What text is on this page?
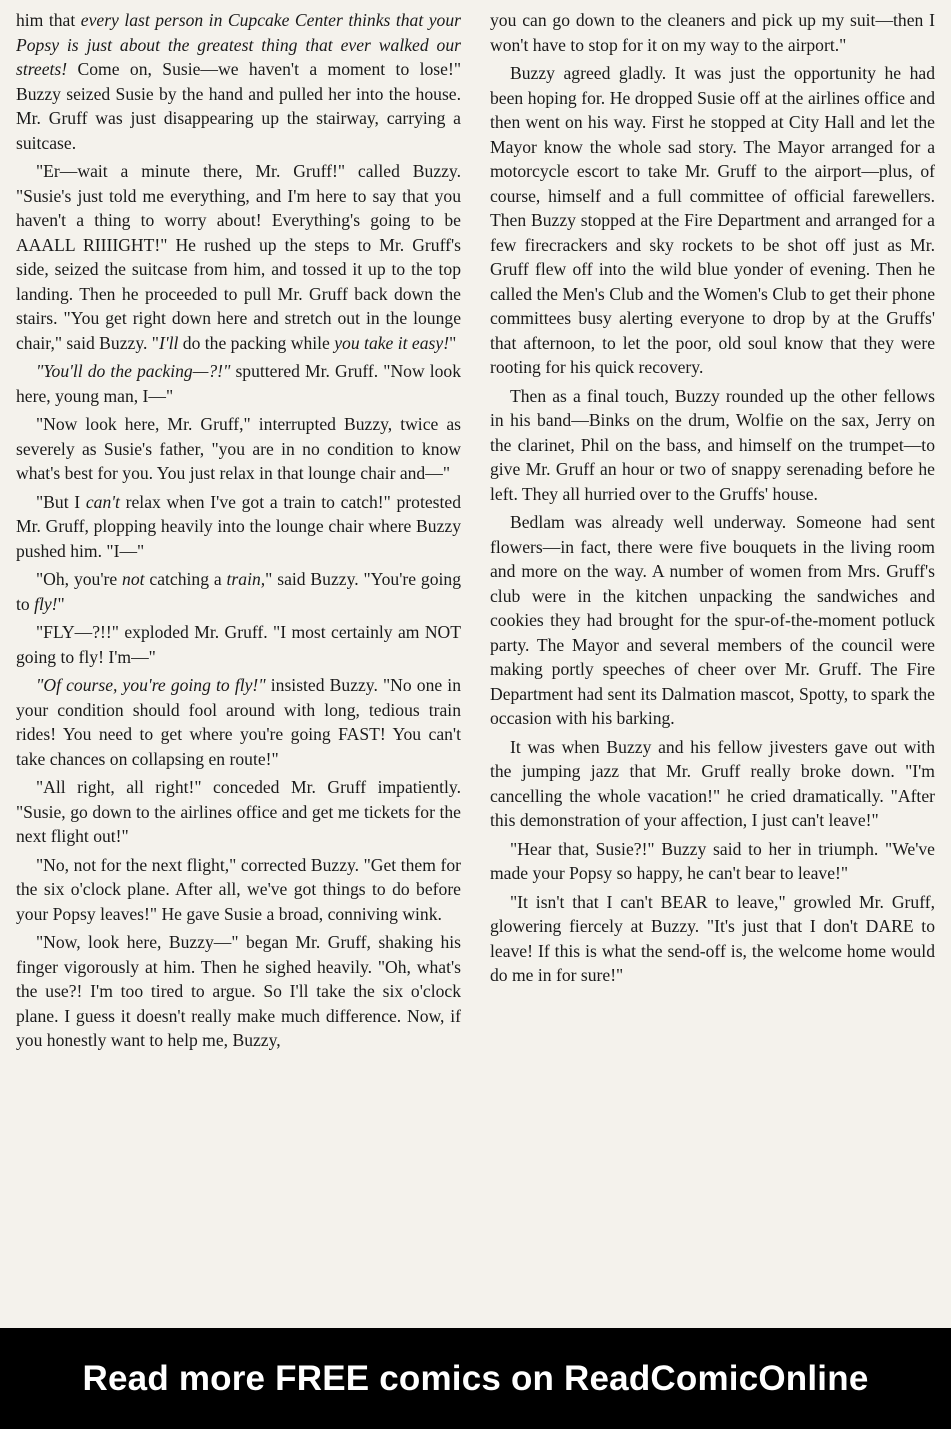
him that every last person in Cupcake Center thinks that your Popsy is just about the greatest thing that ever walked our streets! Come on, Susie—we haven't a moment to lose!" Buzzy seized Susie by the hand and pulled her into the house. Mr. Gruff was just disappearing up the stairway, carrying a suitcase.

"Er—wait a minute there, Mr. Gruff!" called Buzzy. "Susie's just told me everything, and I'm here to say that you haven't a thing to worry about! Everything's going to be AAALL RIIIIGHT!" He rushed up the steps to Mr. Gruff's side, seized the suitcase from him, and tossed it up to the top landing. Then he proceeded to pull Mr. Gruff back down the stairs. "You get right down here and stretch out in the lounge chair," said Buzzy. "I'll do the packing while you take it easy!"

"You'll do the packing—?!" sputtered Mr. Gruff. "Now look here, young man, I—"

"Now look here, Mr. Gruff," interrupted Buzzy, twice as severely as Susie's father, "you are in no condition to know what's best for you. You just relax in that lounge chair and—"

"But I can't relax when I've got a train to catch!" protested Mr. Gruff, plopping heavily into the lounge chair where Buzzy pushed him. "I—"

"Oh, you're not catching a train," said Buzzy. "You're going to fly!"

"FLY—?!!" exploded Mr. Gruff. "I most certainly am NOT going to fly! I'm—"

"Of course, you're going to fly!" insisted Buzzy. "No one in your condition should fool around with long, tedious train rides! You need to get where you're going FAST! You can't take chances on collapsing en route!"

"All right, all right!" conceded Mr. Gruff impatiently. "Susie, go down to the airlines office and get me tickets for the next flight out!"

"No, not for the next flight," corrected Buzzy. "Get them for the six o'clock plane. After all, we've got things to do before your Popsy leaves!" He gave Susie a broad, conniving wink.

"Now, look here, Buzzy—" began Mr. Gruff, shaking his finger vigorously at him. Then he sighed heavily. "Oh, what's the use?! I'm too tired to argue. So I'll take the six o'clock plane. I guess it doesn't really make much difference. Now, if you honestly want to help me, Buzzy,

you can go down to the cleaners and pick up my suit—then I won't have to stop for it on my way to the airport."

Buzzy agreed gladly. It was just the opportunity he had been hoping for. He dropped Susie off at the airlines office and then went on his way. First he stopped at City Hall and let the Mayor know the whole sad story. The Mayor arranged for a motorcycle escort to take Mr. Gruff to the airport—plus, of course, himself and a full committee of official farewellers. Then Buzzy stopped at the Fire Department and arranged for a few firecrackers and sky rockets to be shot off just as Mr. Gruff flew off into the wild blue yonder of evening. Then he called the Men's Club and the Women's Club to get their phone committees busy alerting everyone to drop by at the Gruffs' that afternoon, to let the poor, old soul know that they were rooting for his quick recovery.

Then as a final touch, Buzzy rounded up the other fellows in his band—Binks on the drum, Wolfie on the sax, Jerry on the clarinet, Phil on the bass, and himself on the trumpet—to give Mr. Gruff an hour or two of snappy serenading before he left. They all hurried over to the Gruffs' house.

Bedlam was already well underway. Someone had sent flowers—in fact, there were five bouquets in the living room and more on the way. A number of women from Mrs. Gruff's club were in the kitchen unpacking the sandwiches and cookies they had brought for the spur-of-the-moment potluck party. The Mayor and several members of the council were making portly speeches of cheer over Mr. Gruff. The Fire Department had sent its Dalmation mascot, Spotty, to spark the occasion with his barking.

It was when Buzzy and his fellow jivesters gave out with the jumping jazz that Mr. Gruff really broke down. "I'm cancelling the whole vacation!" he cried dramatically. "After this demonstration of your affection, I just can't leave!"

"Hear that, Susie?!" Buzzy said to her in triumph. "We've made your Popsy so happy, he can't bear to leave!"

"It isn't that I can't BEAR to leave," growled Mr. Gruff, glowering fiercely at Buzzy. "It's just that I don't DARE to leave! If this is what the send-off is, the welcome home would do me in for sure!"

Read more FREE comics on ReadComicOnline
